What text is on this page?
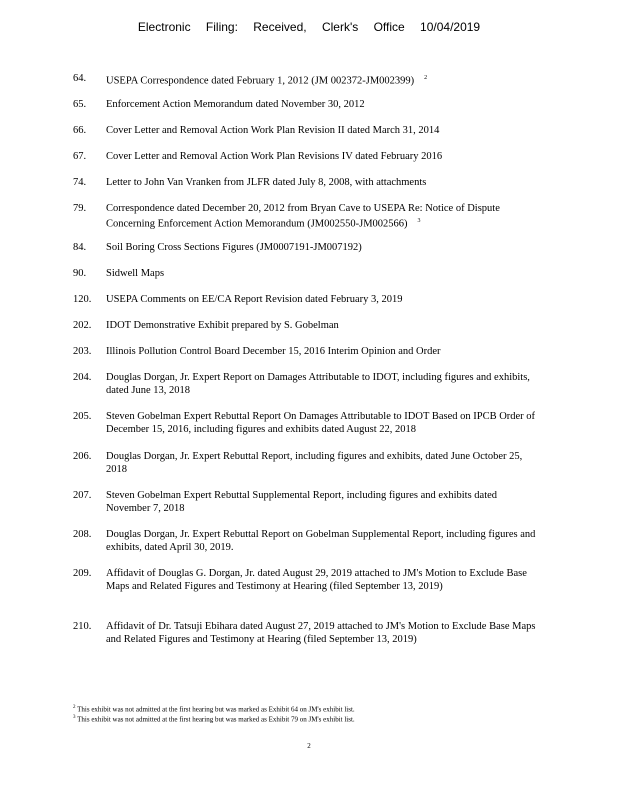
Electronic Filing: Received, Clerk's Office 10/04/2019
64. USEPA Correspondence dated February 1, 2012 (JM 002372-JM002399) $^2$
65. Enforcement Action Memorandum dated November 30, 2012
66. Cover Letter and Removal Action Work Plan Revision II dated March 31, 2014
67. Cover Letter and Removal Action Work Plan Revisions IV dated February 2016
74. Letter to John Van Vranken from JLFR dated July 8, 2008, with attachments
79. Correspondence dated December 20, 2012 from Bryan Cave to USEPA Re: Notice of Dispute Concerning Enforcement Action Memorandum (JM002550-JM002566) $^3$
84. Soil Boring Cross Sections Figures (JM0007191-JM007192)
90. Sidwell Maps
120. USEPA Comments on EE/CA Report Revision dated February 3, 2019
202. IDOT Demonstrative Exhibit prepared by S. Gobelman
203. Illinois Pollution Control Board December 15, 2016 Interim Opinion and Order
204. Douglas Dorgan, Jr. Expert Report on Damages Attributable to IDOT, including figures and exhibits, dated June 13, 2018
205. Steven Gobelman Expert Rebuttal Report On Damages Attributable to IDOT Based on IPCB Order of December 15, 2016, including figures and exhibits dated August 22, 2018
206. Douglas Dorgan, Jr. Expert Rebuttal Report, including figures and exhibits, dated June October 25, 2018
207. Steven Gobelman Expert Rebuttal Supplemental Report, including figures and exhibits dated November 7, 2018
208. Douglas Dorgan, Jr. Expert Rebuttal Report on Gobelman Supplemental Report, including figures and exhibits, dated April 30, 2019.
209. Affidavit of Douglas G. Dorgan, Jr. dated August 29, 2019 attached to JM's Motion to Exclude Base Maps and Related Figures and Testimony at Hearing (filed September 13, 2019)
210. Affidavit of Dr. Tatsuji Ebihara dated August 27, 2019 attached to JM's Motion to Exclude Base Maps and Related Figures and Testimony at Hearing (filed September 13, 2019)
$^2$ This exhibit was not admitted at the first hearing but was marked as Exhibit 64 on JM's exhibit list.
$^3$ This exhibit was not admitted at the first hearing but was marked as Exhibit 79 on JM's exhibit list.
2
